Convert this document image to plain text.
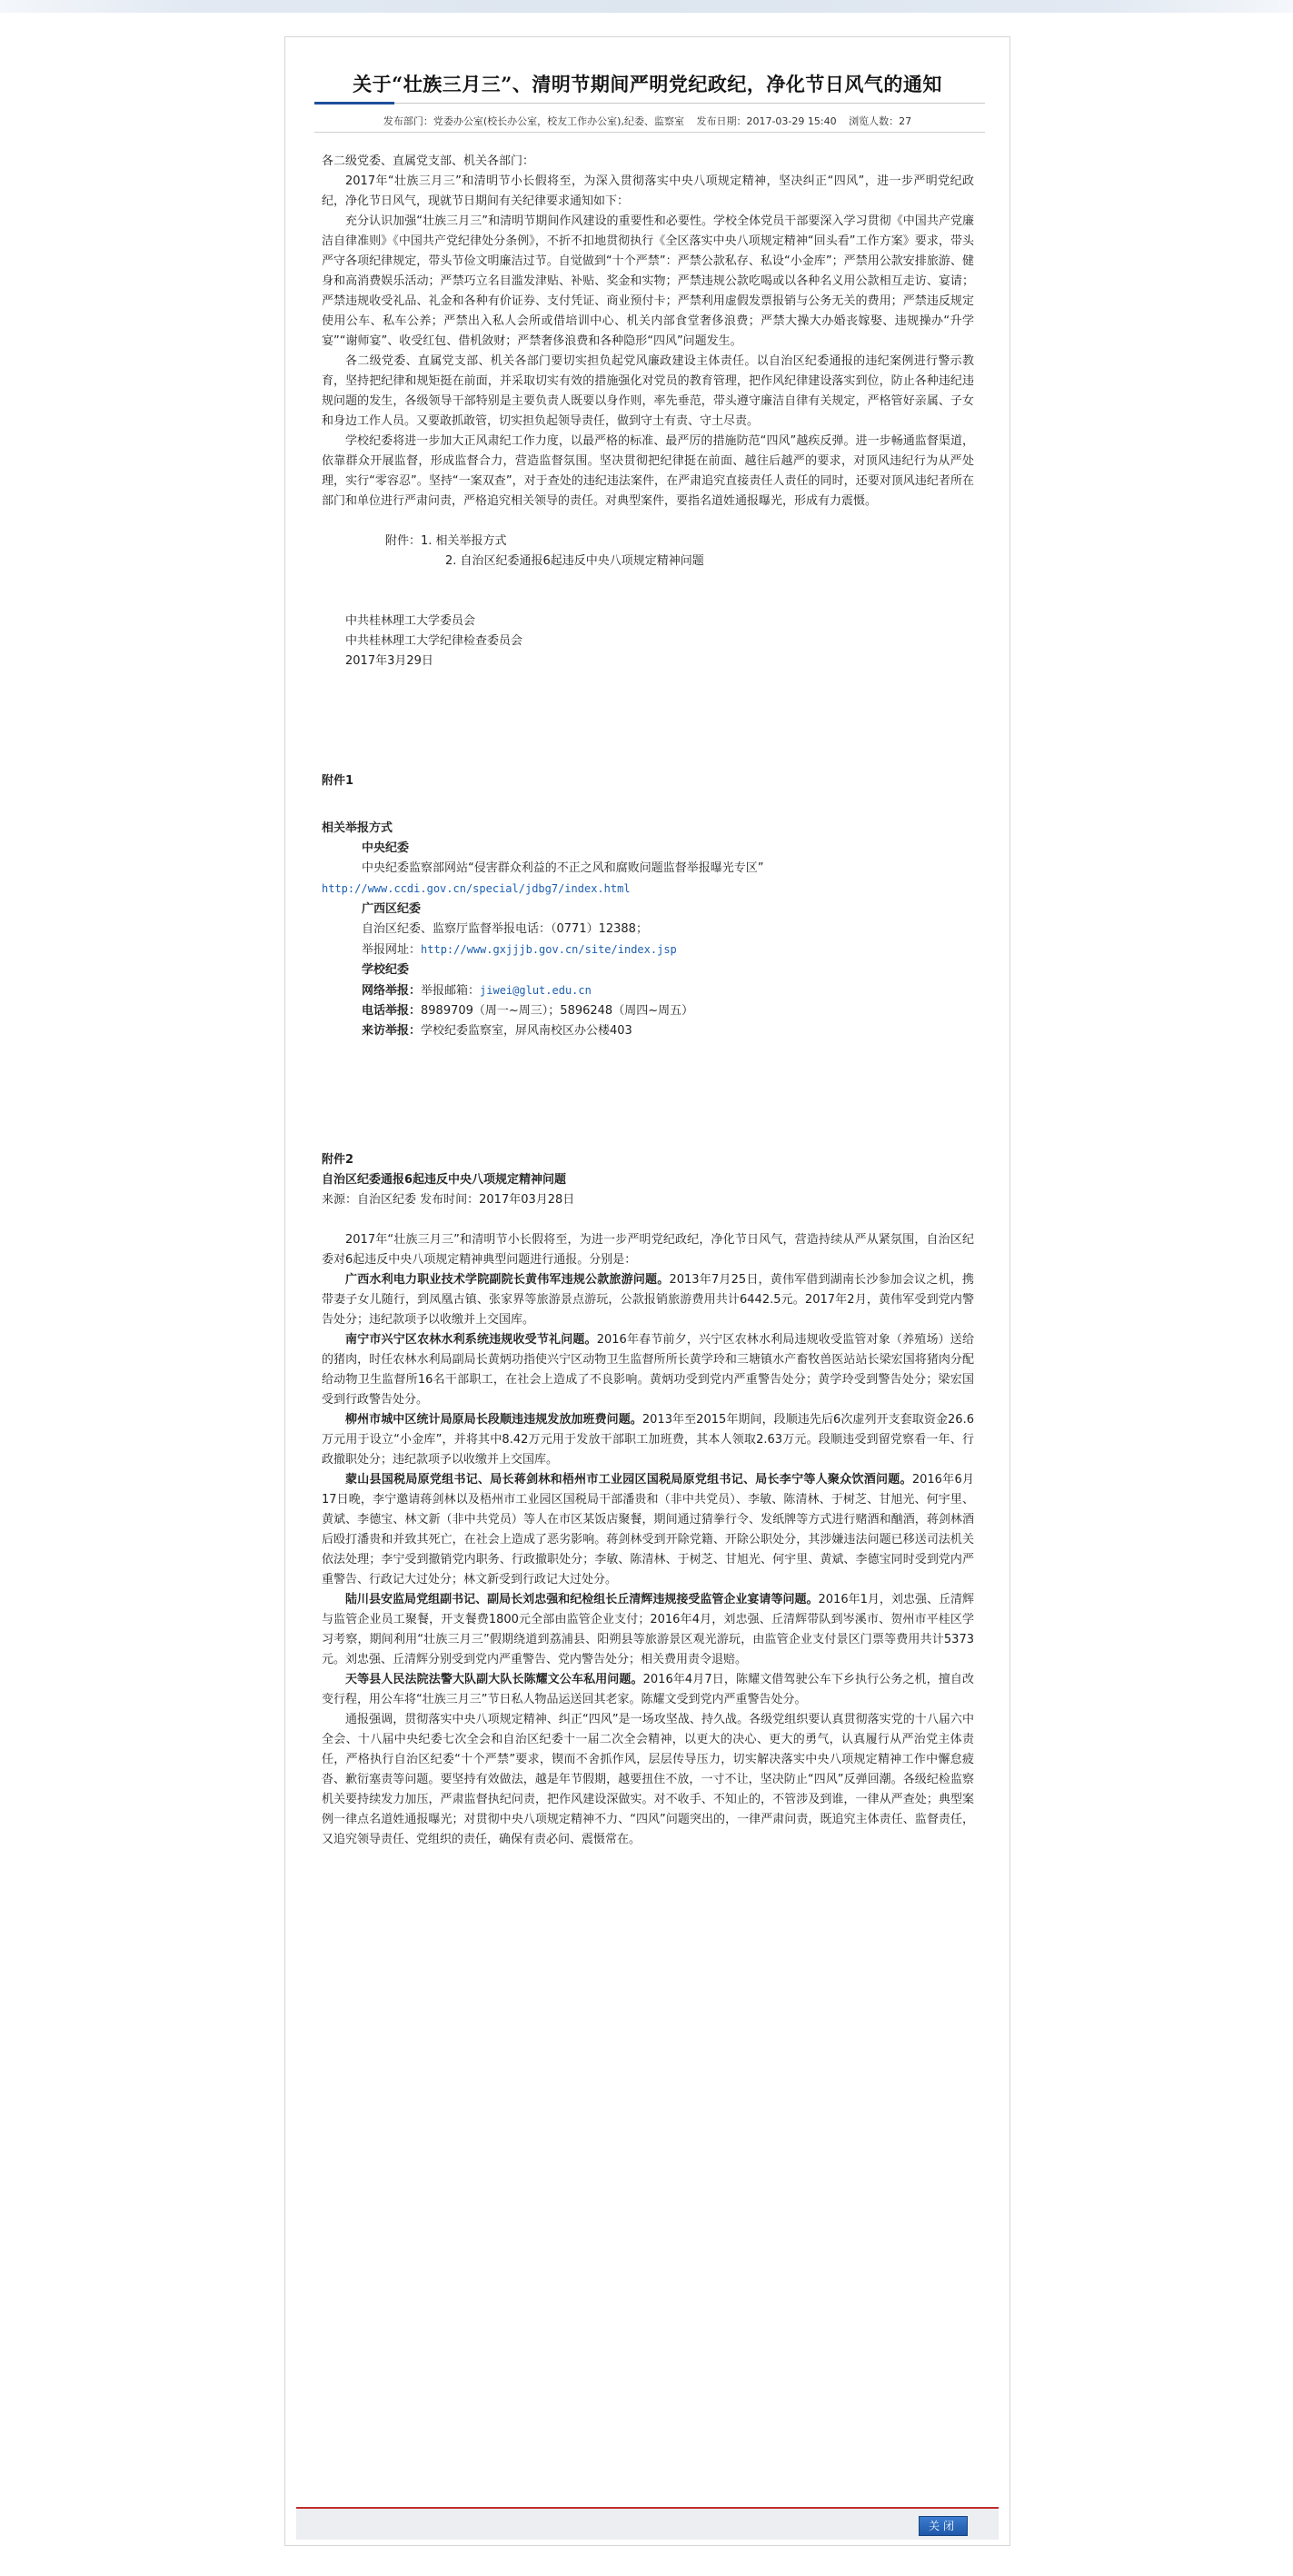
关于“壮族三月三”、清明节期间严明党纪政纪，净化节日风气的通知
发布部门：党委办公室(校长办公室，校友工作办公室),纪委、监察室 发布日期：2017-03-29 15:40 浏览人数：27

各二级党委、直属党支部、机关各部门：

2017年“壮族三月三”和清明节小长假将至，为深入贯彻落实中央八项规定精神，坚决纠正“四风”，进一步严明党纪政纪，净化节日风气，现就节日期间有关纪律要求通知如下：

充分认识加强“壮族三月三”和清明节期间作风建设的重要性和必要性。学校全体党员干部要深入学习贯彻《中国共产党廉洁自律准则》《中国共产党纪律处分条例》，不折不扣地贯彻执行《全区落实中央八项规定精神“回头看”工作方案》要求，带头严守各项纪律规定，带头节俭文明廉洁过节。自觉做到“十个严禁”：严禁公款私存、私设“小金库”；严禁用公款安排旅游、健身和高消费娱乐活动；严禁巧立名目滥发津贴、补贴、奖金和实物；严禁违规公款吃喝或以各种名义用公款相互走访、宴请；严禁违规收受礼品、礼金和各种有价证券、支付凭证、商业预付卡；严禁利用虚假发票报销与公务无关的费用；严禁违反规定使用公车、私车公养；严禁出入私人会所或借培训中心、机关内部食堂奢侈浪费；严禁大操大办婚丧嫁娶、违规操办“升学宴”“谢师宴”、收受红包、借机敛财；严禁奢侈浪费和各种隐形“四风”问题发生。

各二级党委、直属党支部、机关各部门要切实担负起党风廉政建设主体责任。以自治区纪委通报的违纪案例进行警示教育，坚持把纪律和规矩挺在前面，并采取切实有效的措施强化对党员的教育管理，把作风纪律建设落实到位，防止各种违纪违规问题的发生，各级领导干部特别是主要负责人既要以身作则，率先垂范，带头遵守廉洁自律有关规定，严格管好亲属、子女和身边工作人员。又要敢抓敢管，切实担负起领导责任，做到守土有责、守土尽责。

学校纪委将进一步加大正风肃纪工作力度，以最严格的标准、最严厉的措施防范“四风”越疾反弹。进一步畅通监督渠道，依靠群众开展监督，形成监督合力，营造监督氛围。坚决贯彻把纪律挺在前面、越往后越严的要求，对顶风违纪行为从严处理，实行“零容忍”。坚持“一案双查”，对于查处的违纪违法案件，在严肃追究直接责任人责任的同时，还要对顶风违纪者所在部门和单位进行严肃问责，严格追究相关领导的责任。对典型案件，要指名道姓通报曝光，形成有力震慑。

附件：1. 相关举报方式

2. 自治区纪委通报6起违反中央八项规定精神问题

中共桂林理工大学委员会

中共桂林理工大学纪律检查委员会

2017年3月29日

附件1

相关举报方式

中央纪委

中央纪委监察部网站“侵害群众利益的不正之风和腐败问题监督举报曝光专区”

http://www.ccdi.gov.cn/special/jdbg7/index.html

广西区纪委

自治区纪委、监察厅监督举报电话：（0771）12388；

举报网址：http://www.gxjjjb.gov.cn/site/index.jsp

学校纪委

网络举报：举报邮箱：jiwei@glut.edu.cn

电话举报：8989709（周一~周三）；5896248（周四~周五）

来访举报：学校纪委监察室，屏风南校区办公楼403

附件2

自治区纪委通报6起违反中央八项规定精神问题

来源：自治区纪委 发布时间：2017年03月28日

2017年“壮族三月三”和清明节小长假将至，为进一步严明党纪政纪，净化节日风气，营造持续从严从紧氛围，自治区纪委对6起违反中央八项规定精神典型问题进行通报。分别是：

广西水利电力职业技术学院副院长黄伟军违规公款旅游问题。2013年7月25日，黄伟军借到湖南长沙参加会议之机，携带妻子女儿随行，到凤凰古镇、张家界等旅游景点游玩，公款报销旅游费用共计6442.5元。2017年2月，黄伟军受到党内警告处分；违纪款项予以收缴并上交国库。

南宁市兴宁区农林水利系统违规收受节礼问题。2016年春节前夕，兴宁区农林水利局违规收受监管对象（养殖场）送给的猪肉，时任农林水利局副局长黄炳功指使兴宁区动物卫生监督所所长黄学玲和三塘镇水产畜牧兽医站站长梁宏国将猪肉分配给动物卫生监督所16名干部职工，在社会上造成了不良影响。黄炳功受到党内严重警告处分；黄学玲受到警告处分；梁宏国受到行政警告处分。

柳州市城中区统计局原局长段顺违违规发放加班费问题。2013年至2015年期间，段顺违先后6次虚列开支套取资金26.6万元用于设立“小金库”，并将其中8.42万元用于发放干部职工加班费，其本人领取2.63万元。段顺违受到留党察看一年、行政撤职处分；违纪款项予以收缴并上交国库。

蒙山县国税局原党组书记、局长蒋剑林和梧州市工业园区国税局原党组书记、局长李宁等人聚众饮酒问题。2016年6月17日晚，李宁邀请蒋剑林以及梧州市工业园区国税局干部潘贵和（非中共党员）、李敏、陈清林、于树芝、甘旭光、何宇里、黄斌、李德宝、林文新（非中共党员）等人在市区某饭店聚餐，期间通过猜拳行令、发纸牌等方式进行赌酒和酗酒，蒋剑林酒后殴打潘贵和并致其死亡，在社会上造成了恶劣影响。蒋剑林受到开除党籍、开除公职处分，其涉嫌违法问题已移送司法机关依法处理；李宁受到撤销党内职务、行政撤职处分；李敏、陈清林、于树芝、甘旭光、何宇里、黄斌、李德宝同时受到党内严重警告、行政记大过处分；林文新受到行政记大过处分。

陆川县安监局党组副书记、副局长刘忠强和纪检组长丘清辉违规接受监管企业宴请等问题。2016年1月，刘忠强、丘清辉与监管企业员工聚餐，开支餐费1800元全部由监管企业支付；2016年4月，刘忠强、丘清辉带队到岑溪市、贺州市平桂区学习考察，期间利用“壮族三月三”假期绕道到荔浦县、阳朔县等旅游景区观光游玩，由监管企业支付景区门票等费用共计5373元。刘忠强、丘清辉分别受到党内严重警告、党内警告处分；相关费用责令退赔。

天等县人民法院法警大队副大队长陈耀文公车私用问题。2016年4月7日，陈耀文借驾驶公车下乡执行公务之机，擅自改变行程，用公车将“壮族三月三”节日私人物品运送回其老家。陈耀文受到党内严重警告处分。

通报强调，贯彻落实中央八项规定精神、纠正“四风”是一场攻坚战、持久战。各级党组织要认真贯彻落实党的十八届六中全会、十八届中央纪委七次全会和自治区纪委十一届二次全会精神，以更大的决心、更大的勇气，认真履行从严治党主体责任，严格执行自治区纪委“十个严禁”要求，锲而不舍抓作风，层层传导压力，切实解决落实中央八项规定精神工作中懈怠疲沓、歉衍塞责等问题。要坚持有效做法，越是年节假期，越要扭住不放，一寸不让，坚决防止“四风”反弹回潮。各级纪检监察机关要持续发力加压，严肃监督执纪问责，把作风建设深做实。对不收手、不知止的，不管涉及到谁，一律从严查处；典型案例一律点名道姓通报曝光；对贯彻中央八项规定精神不力、“四风”问题突出的，一律严肃问责，既追究主体责任、监督责任，又追究领导责任、党组织的责任，确保有责必问、震慑常在。

关闭
